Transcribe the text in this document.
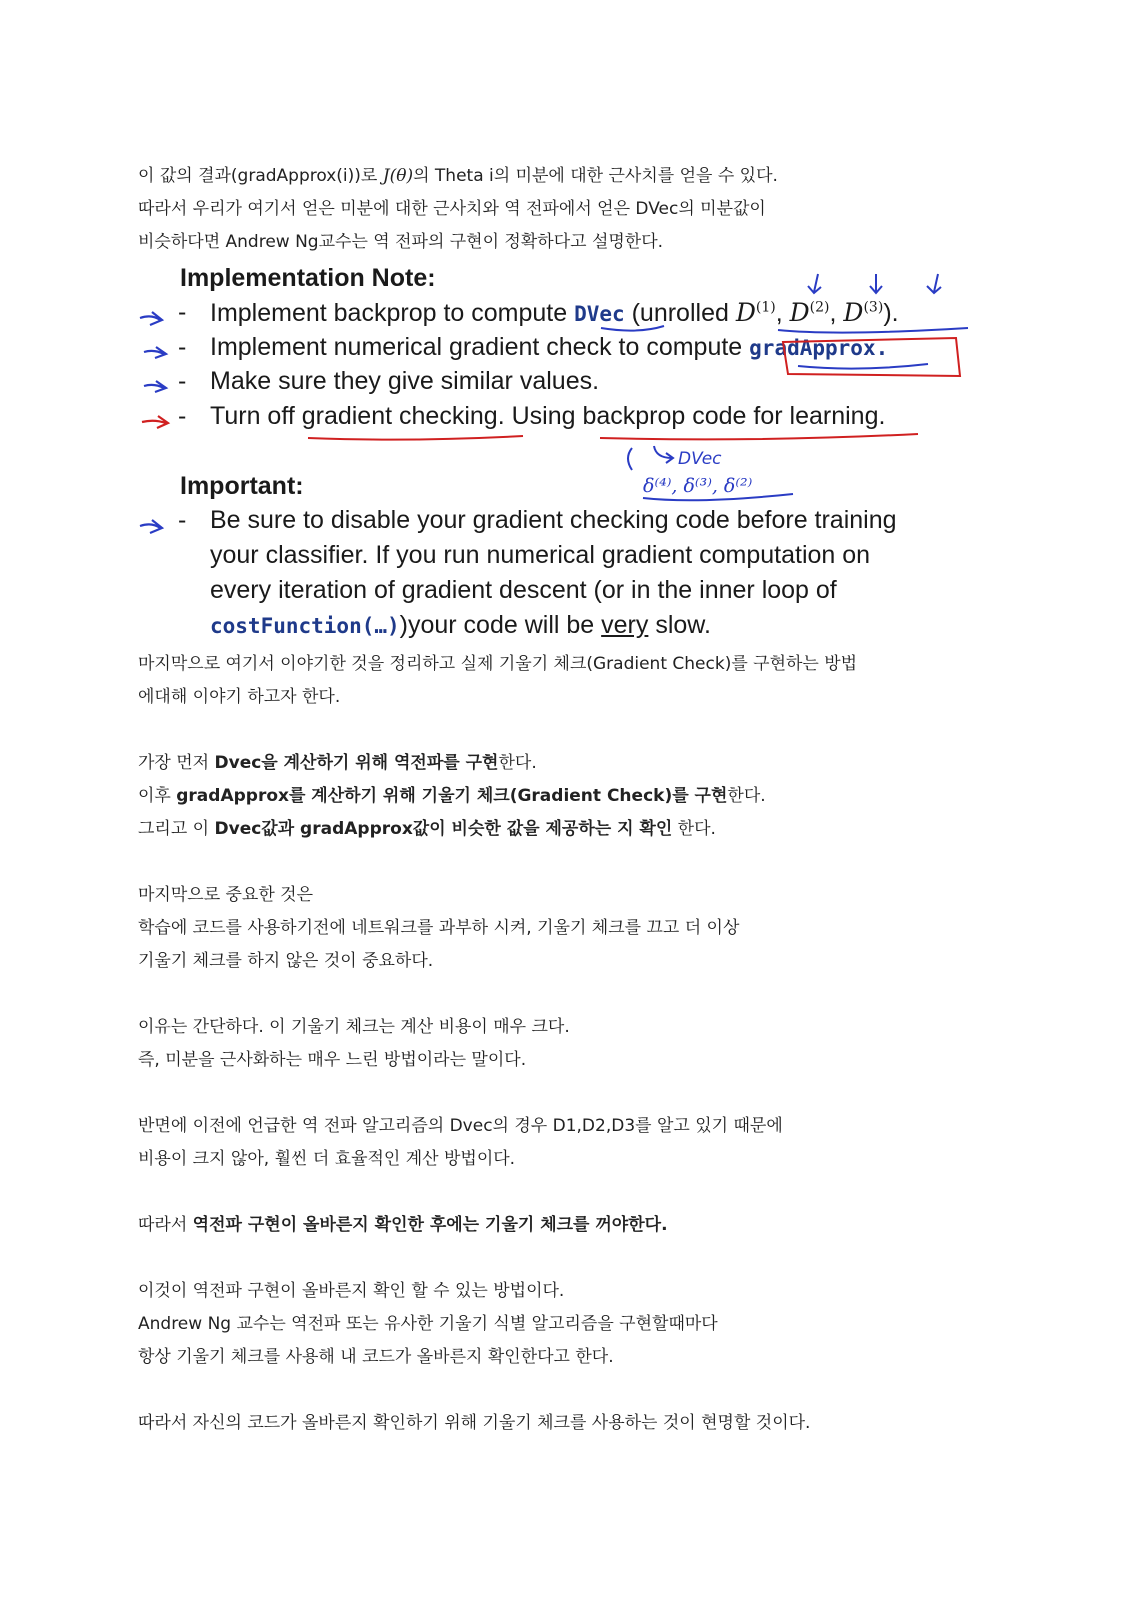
이 값의 결과(gradApprox(i))로 J(θ)의 Theta i의 미분에 대한 근사치를 얻을 수 있다.

따라서 우리가 여기서 얻은 미분에 대한 근사치와 역 전파에서 얻은 DVec의 미분값이

비슷하다면 Andrew Ng교수는 역 전파의 구현이 정확하다고 설명한다.

Implementation Note:
- Implement backprop to compute DVec (unrolled $D^{(1)}$, $D^{(2)}$, $D^{(3)}$).
- Implement numerical gradient check to compute gradApprox.
- Make sure they give similar values.
- Turn off gradient checking. Using backprop code for learning.
Important:
- Be sure to disable your gradient checking code before training
your classifier. If you run numerical gradient computation on
every iteration of gradient descent (or in the inner loop of
costFunction(…))your code will be very slow.
DVec
δ⁽⁴⁾, δ⁽³⁾, δ⁽²⁾

마지막으로 여기서 이야기한 것을 정리하고 실제 기울기 체크(Gradient Check)를 구현하는 방법

에대해 이야기 하고자 한다.

가장 먼저 Dvec을 계산하기 위해 역전파를 구현한다.

이후 gradApprox를 계산하기 위해 기울기 체크(Gradient Check)를 구현한다.

그리고 이 Dvec값과 gradApprox값이 비슷한 값을 제공하는 지 확인 한다.

마지막으로 중요한 것은

학습에 코드를 사용하기전에 네트워크를 과부하 시켜, 기울기 체크를 끄고 더 이상

기울기 체크를 하지 않은 것이 중요하다.

이유는 간단하다. 이 기울기 체크는 계산 비용이 매우 크다.

즉, 미분을 근사화하는 매우 느린 방법이라는 말이다.

반면에 이전에 언급한 역 전파 알고리즘의 Dvec의 경우 D1,D2,D3를 알고 있기 때문에

비용이 크지 않아, 훨씬 더 효율적인 계산 방법이다.

따라서 역전파 구현이 올바른지 확인한 후에는 기울기 체크를 꺼야한다.

이것이 역전파 구현이 올바른지 확인 할 수 있는 방법이다.

Andrew Ng 교수는 역전파 또는 유사한 기울기 식별 알고리즘을 구현할때마다

항상 기울기 체크를 사용해 내 코드가 올바른지 확인한다고 한다.

따라서 자신의 코드가 올바른지 확인하기 위해 기울기 체크를 사용하는 것이 현명할 것이다.
